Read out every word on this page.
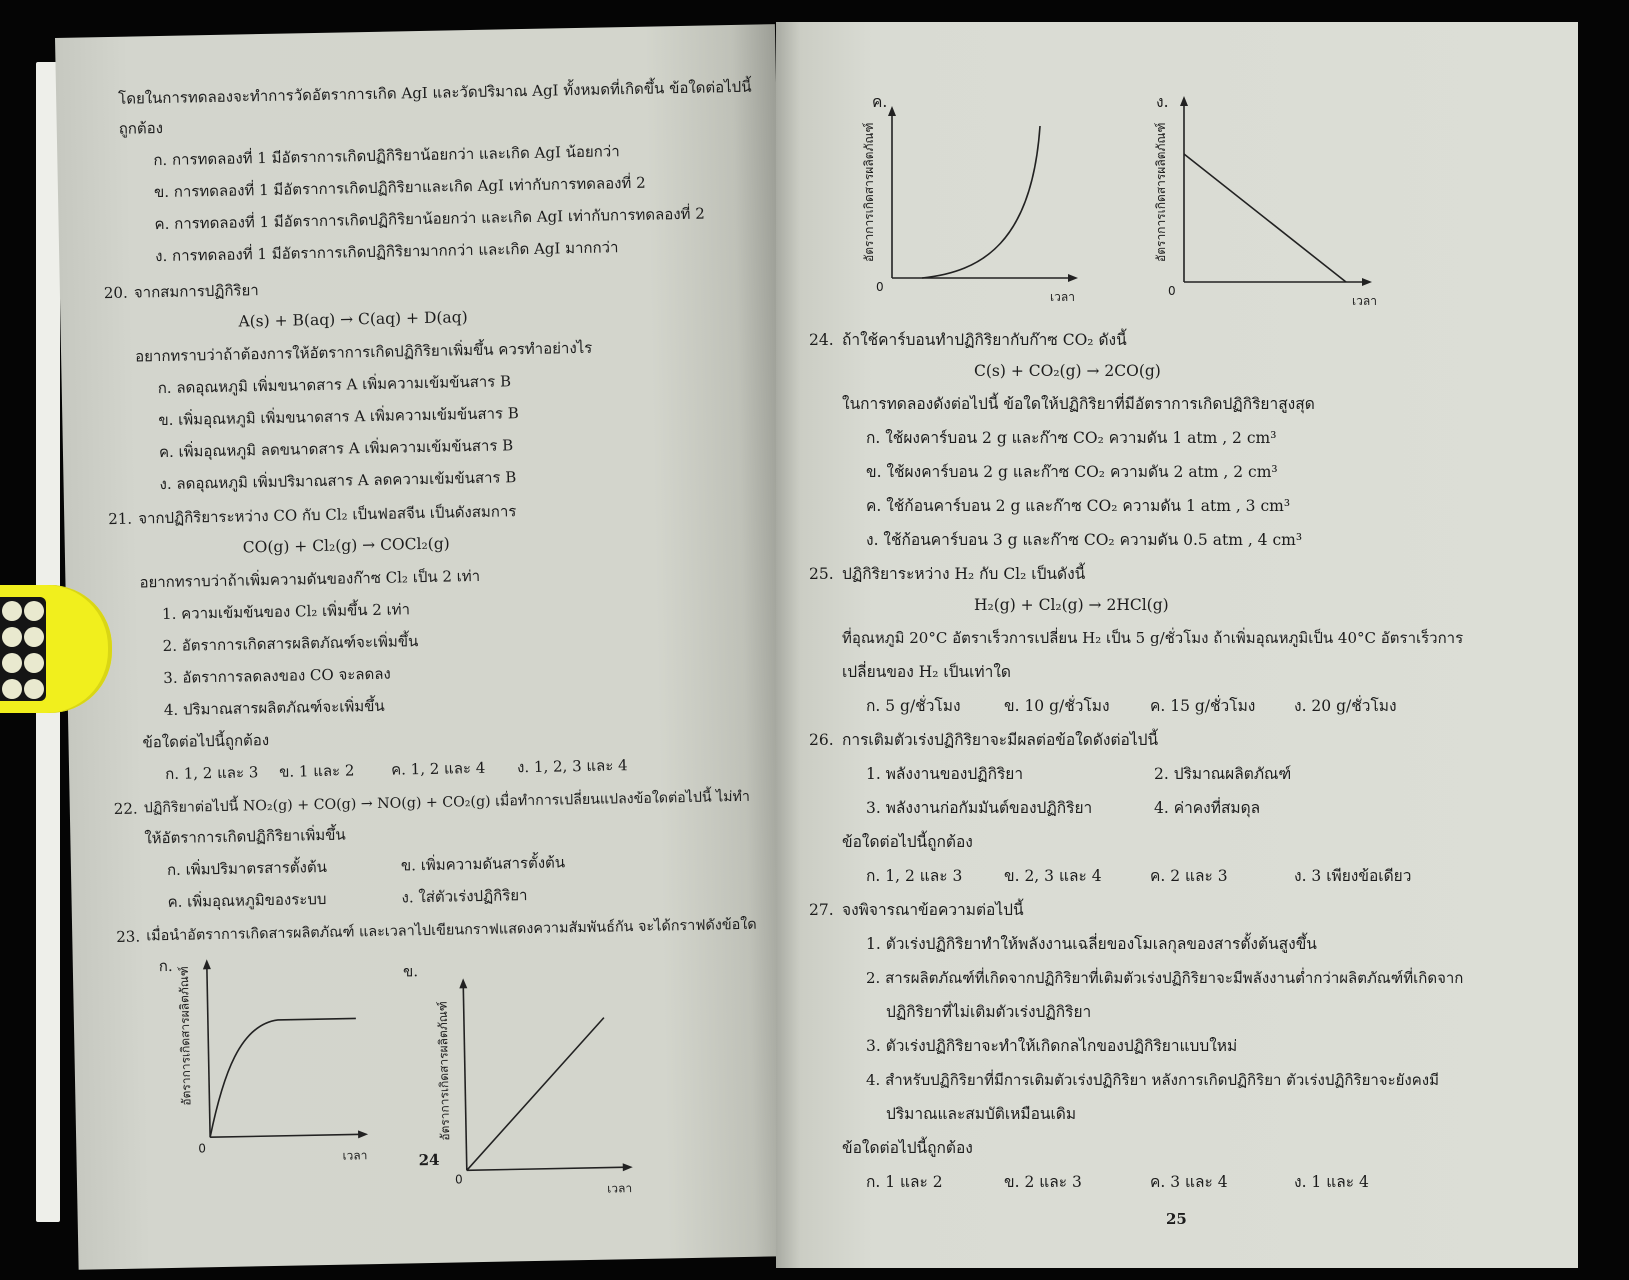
โดยในการทดลองจะทำการวัดอัตราการเกิด AgI และวัดปริมาณ AgI ทั้งหมดที่เกิดขึ้น ข้อใดต่อไปนี้
ถูกต้อง
ก. การทดลองที่ 1 มีอัตราการเกิดปฏิกิริยาน้อยกว่า และเกิด AgI น้อยกว่า
ข. การทดลองที่ 1 มีอัตราการเกิดปฏิกิริยาและเกิด AgI เท่ากับการทดลองที่ 2
ค. การทดลองที่ 1 มีอัตราการเกิดปฏิกิริยาน้อยกว่า และเกิด AgI เท่ากับการทดลองที่ 2
ง. การทดลองที่ 1 มีอัตราการเกิดปฏิกิริยามากกว่า และเกิด AgI มากกว่า
20. จากสมการปฏิกิริยา
A(s) + B(aq) → C(aq) + D(aq)
อยากทราบว่าถ้าต้องการให้อัตราการเกิดปฏิกิริยาเพิ่มขึ้น ควรทำอย่างไร
ก. ลดอุณหภูมิ เพิ่มขนาดสาร A เพิ่มความเข้มข้นสาร B
ข. เพิ่มอุณหภูมิ เพิ่มขนาดสาร A เพิ่มความเข้มข้นสาร B
ค. เพิ่มอุณหภูมิ ลดขนาดสาร A เพิ่มความเข้มข้นสาร B
ง. ลดอุณหภูมิ เพิ่มปริมาณสาร A ลดความเข้มข้นสาร B
21. จากปฏิกิริยาระหว่าง CO กับ Cl₂ เป็นฟอสจีน เป็นดังสมการ
CO(g) + Cl₂(g) → COCl₂(g)
อยากทราบว่าถ้าเพิ่มความดันของก๊าซ Cl₂ เป็น 2 เท่า
1. ความเข้มข้นของ Cl₂ เพิ่มขึ้น 2 เท่า
2. อัตราการเกิดสารผลิตภัณฑ์จะเพิ่มขึ้น
3. อัตราการลดลงของ CO จะลดลง
4. ปริมาณสารผลิตภัณฑ์จะเพิ่มขึ้น
ข้อใดต่อไปนี้ถูกต้อง
ก. 1, 2 และ 3 ข. 1 และ 2 ค. 1, 2 และ 4 ง. 1, 2, 3 และ 4
22. ปฏิกิริยาต่อไปนี้ NO₂(g) + CO(g) → NO(g) + CO₂(g) เมื่อทำการเปลี่ยนแปลงข้อใดต่อไปนี้ ไม่ทำ
ให้อัตราการเกิดปฏิกิริยาเพิ่มขึ้น
ก. เพิ่มปริมาตรสารตั้งต้น	ข. เพิ่มความดันสารตั้งต้น
ค. เพิ่มอุณหภูมิของระบบ	ง. ใส่ตัวเร่งปฏิกิริยา
23. เมื่อนำอัตราการเกิดสารผลิตภัณฑ์ และเวลาไปเขียนกราฟแสดงความสัมพันธ์กัน จะได้กราฟดังข้อใด
ก.
อัตราการเกิดสารผลิตภัณฑ์
0	เวลา
ข.
อัตราการเกิดสารผลิตภัณฑ์
0
เวลา
24
ค.
อัตราการเกิดสารผลิตภัณฑ์
0
เวลา
ง.
อัตราการเกิดสารผลิตภัณฑ์
0
เวลา
24. ถ้าใช้คาร์บอนทำปฏิกิริยากับก๊าซ CO₂ ดังนี้
C(s) + CO₂(g) → 2CO(g)
ในการทดลองดังต่อไปนี้ ข้อใดให้ปฏิกิริยาที่มีอัตราการเกิดปฏิกิริยาสูงสุด
ก. ใช้ผงคาร์บอน 2 g และก๊าซ CO₂ ความดัน 1 atm , 2 cm³
ข. ใช้ผงคาร์บอน 2 g และก๊าซ CO₂ ความดัน 2 atm , 2 cm³
ค. ใช้ก้อนคาร์บอน 2 g และก๊าซ CO₂ ความดัน 1 atm , 3 cm³
ง. ใช้ก้อนคาร์บอน 3 g และก๊าซ CO₂ ความดัน 0.5 atm , 4 cm³
25. ปฏิกิริยาระหว่าง H₂ กับ Cl₂ เป็นดังนี้
H₂(g) + Cl₂(g) → 2HCl(g)
ที่อุณหภูมิ 20°C อัตราเร็วการเปลี่ยน H₂ เป็น 5 g/ชั่วโมง ถ้าเพิ่มอุณหภูมิเป็น 40°C อัตราเร็วการ
เปลี่ยนของ H₂ เป็นเท่าใด
ก. 5 g/ชั่วโมง	ข. 10 g/ชั่วโมง	ค. 15 g/ชั่วโมง ง. 20 g/ชั่วโมง
26. การเติมตัวเร่งปฏิกิริยาจะมีผลต่อข้อใดดังต่อไปนี้
1. พลังงานของปฏิกิริยา	2. ปริมาณผลิตภัณฑ์
3. พลังงานก่อกัมมันต์ของปฏิกิริยา	4. ค่าคงที่สมดุล
ข้อใดต่อไปนี้ถูกต้อง
ก. 1, 2 และ 3	ข. 2, 3 และ 4	ค. 2 และ 3	ง. 3 เพียงข้อเดียว
27. จงพิจารณาข้อความต่อไปนี้
1. ตัวเร่งปฏิกิริยาทำให้พลังงานเฉลี่ยของโมเลกุลของสารตั้งต้นสูงขึ้น
2. สารผลิตภัณฑ์ที่เกิดจากปฏิกิริยาที่เติมตัวเร่งปฏิกิริยาจะมีพลังงานต่ำกว่าผลิตภัณฑ์ที่เกิดจาก
ปฏิกิริยาที่ไม่เติมตัวเร่งปฏิกิริยา
3. ตัวเร่งปฏิกิริยาจะทำให้เกิดกลไกของปฏิกิริยาแบบใหม่
4. สำหรับปฏิกิริยาที่มีการเติมตัวเร่งปฏิกิริยา หลังการเกิดปฏิกิริยา ตัวเร่งปฏิกิริยาจะยังคงมี
ปริมาณและสมบัติเหมือนเดิม
ข้อใดต่อไปนี้ถูกต้อง
ก. 1 และ 2	ข. 2 และ 3	ค. 3 และ 4	ง. 1 และ 4
25
